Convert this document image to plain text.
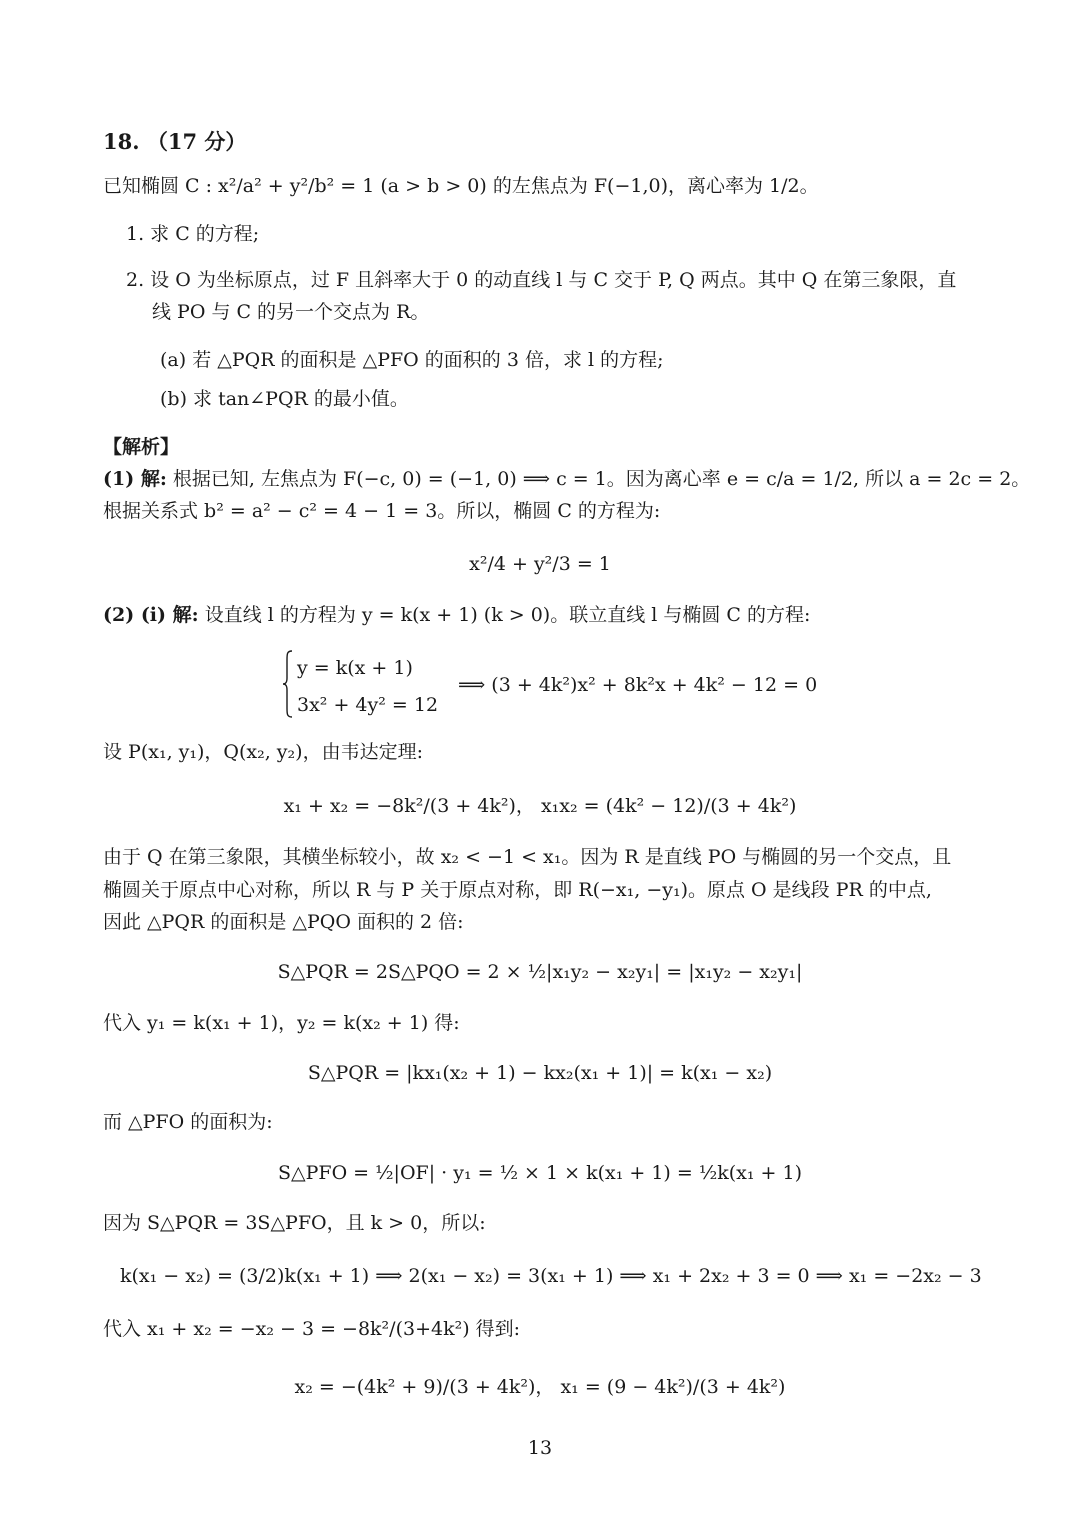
18. （17 分）
已知椭圆 C : x²/a² + y²/b² = 1 (a > b > 0) 的左焦点为 F(−1,0)，离心率为 1/2。
1. 求 C 的方程;
2. 设 O 为坐标原点，过 F 且斜率大于 0 的动直线 l 与 C 交于 P, Q 两点。其中 Q 在第三象限，直
线 PO 与 C 的另一个交点为 R。
(a) 若 △PQR 的面积是 △PFO 的面积的 3 倍，求 l 的方程;
(b) 求 tan∠PQR 的最小值。
【解析】
(1) 解: 根据已知, 左焦点为 F(−c, 0) = (−1, 0) ⟹ c = 1。因为离心率 e = c/a = 1/2, 所以 a = 2c = 2。
根据关系式 b² = a² − c² = 4 − 1 = 3。所以，椭圆 C 的方程为:
x²/4 + y²/3 = 1
(2) (i) 解: 设直线 l 的方程为 y = k(x + 1) (k > 0)。联立直线 l 与椭圆 C 的方程:
y = k(x + 1)
3x² + 4y² = 12
⟹ (3 + 4k²)x² + 8k²x + 4k² − 12 = 0
设 P(x₁, y₁)，Q(x₂, y₂)，由韦达定理:
x₁ + x₂ = −8k²/(3 + 4k²)， x₁x₂ = (4k² − 12)/(3 + 4k²)
由于 Q 在第三象限，其横坐标较小，故 x₂ < −1 < x₁。因为 R 是直线 PO 与椭圆的另一个交点，且
椭圆关于原点中心对称，所以 R 与 P 关于原点对称，即 R(−x₁, −y₁)。原点 O 是线段 PR 的中点,
因此 △PQR 的面积是 △PQO 面积的 2 倍:
S△PQR = 2S△PQO = 2 × ½|x₁y₂ − x₂y₁| = |x₁y₂ − x₂y₁|
代入 y₁ = k(x₁ + 1)，y₂ = k(x₂ + 1) 得:
S△PQR = |kx₁(x₂ + 1) − kx₂(x₁ + 1)| = k(x₁ − x₂)
而 △PFO 的面积为:
S△PFO = ½|OF| · y₁ = ½ × 1 × k(x₁ + 1) = ½k(x₁ + 1)
因为 S△PQR = 3S△PFO，且 k > 0，所以:
k(x₁ − x₂) = (3/2)k(x₁ + 1) ⟹ 2(x₁ − x₂) = 3(x₁ + 1) ⟹ x₁ + 2x₂ + 3 = 0 ⟹ x₁ = −2x₂ − 3
代入 x₁ + x₂ = −x₂ − 3 = −8k²/(3+4k²) 得到:
x₂ = −(4k² + 9)/(3 + 4k²)， x₁ = (9 − 4k²)/(3 + 4k²)
13
